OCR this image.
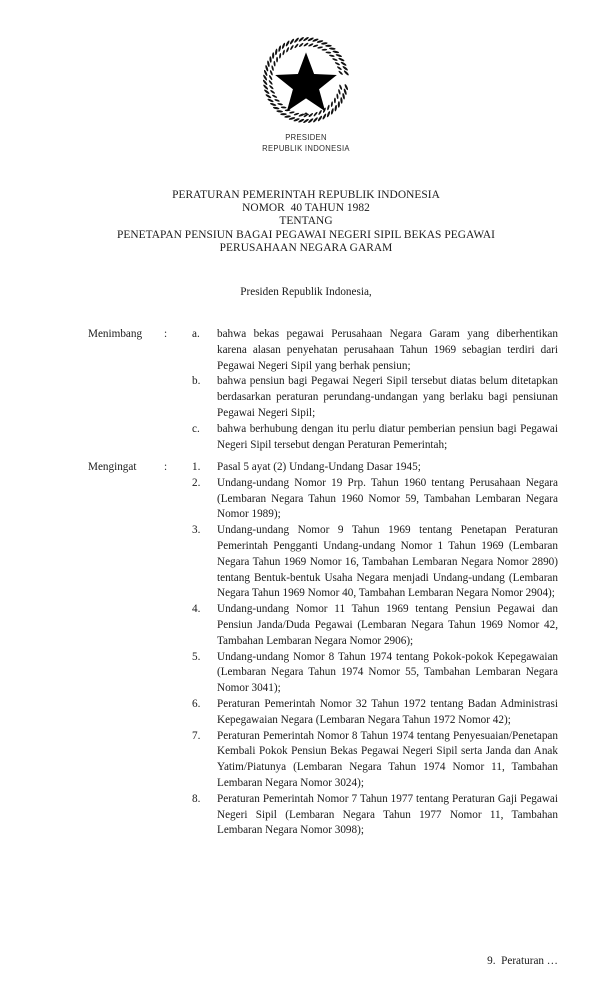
PRESIDEN
REPUBLIK INDONESIA
PERATURAN PEMERINTAH REPUBLIK INDONESIA
NOMOR  40 TAHUN 1982
TENTANG
PENETAPAN PENSIUN BAGAI PEGAWAI NEGERI SIPIL BEKAS PEGAWAI
PERUSAHAAN NEGARA GARAM
Presiden Republik Indonesia,
Menimbang	: a.	bahwa bekas pegawai Perusahaan Negara Garam yang diberhentikan karena alasan penyehatan perusahaan Tahun 1969 sebagian terdiri dari Pegawai Negeri Sipil yang berhak pensiun;
b.	bahwa pensiun bagi Pegawai Negeri Sipil tersebut diatas belum ditetapkan berdasarkan peraturan perundang-undangan yang berlaku bagi pensiunan Pegawai Negeri Sipil;
c.	bahwa berhubung dengan itu perlu diatur pemberian pensiun bagi Pegawai Negeri Sipil tersebut dengan Peraturan Pemerintah;
Mengingat	: 1.	Pasal 5 ayat (2) Undang-Undang Dasar 1945;
2.	Undang-undang Nomor 19 Prp. Tahun 1960 tentang Perusahaan Negara (Lembaran Negara Tahun 1960 Nomor 59, Tambahan Lembaran Negara Nomor 1989);
3.	Undang-undang Nomor 9 Tahun 1969 tentang Penetapan Peraturan Pemerintah Pengganti Undang-undang Nomor 1 Tahun 1969 (Lembaran Negara Tahun 1969 Nomor 16, Tambahan Lembaran Negara Nomor 2890) tentang Bentuk-bentuk Usaha Negara menjadi Undang-undang (Lembaran Negara Tahun 1969 Nomor 40, Tambahan Lembaran Negara Nomor 2904);
4.	Undang-undang Nomor 11 Tahun 1969 tentang Pensiun Pegawai dan Pensiun Janda/Duda Pegawai (Lembaran Negara Tahun 1969 Nomor 42, Tambahan Lembaran Negara Nomor 2906);
5.	Undang-undang Nomor 8 Tahun 1974 tentang Pokok-pokok Kepegawaian (Lembaran Negara Tahun 1974 Nomor 55, Tambahan Lembaran Negara Nomor 3041);
6.	Peraturan Pemerintah Nomor 32 Tahun 1972 tentang Badan Administrasi Kepegawaian Negara (Lembaran Negara Tahun 1972 Nomor 42);
7.	Peraturan Pemerintah Nomor 8 Tahun 1974 tentang Penyesuaian/Penetapan Kembali Pokok Pensiun Bekas Pegawai Negeri Sipil serta Janda dan Anak Yatim/Piatunya (Lembaran Negara Tahun 1974 Nomor 11, Tambahan Lembaran Negara Nomor 3024);
8.	Peraturan Pemerintah Nomor 7 Tahun 1977 tentang Peraturan Gaji Pegawai Negeri Sipil (Lembaran Negara Tahun 1977 Nomor 11, Tambahan Lembaran Negara Nomor 3098);
9.  Peraturan …
